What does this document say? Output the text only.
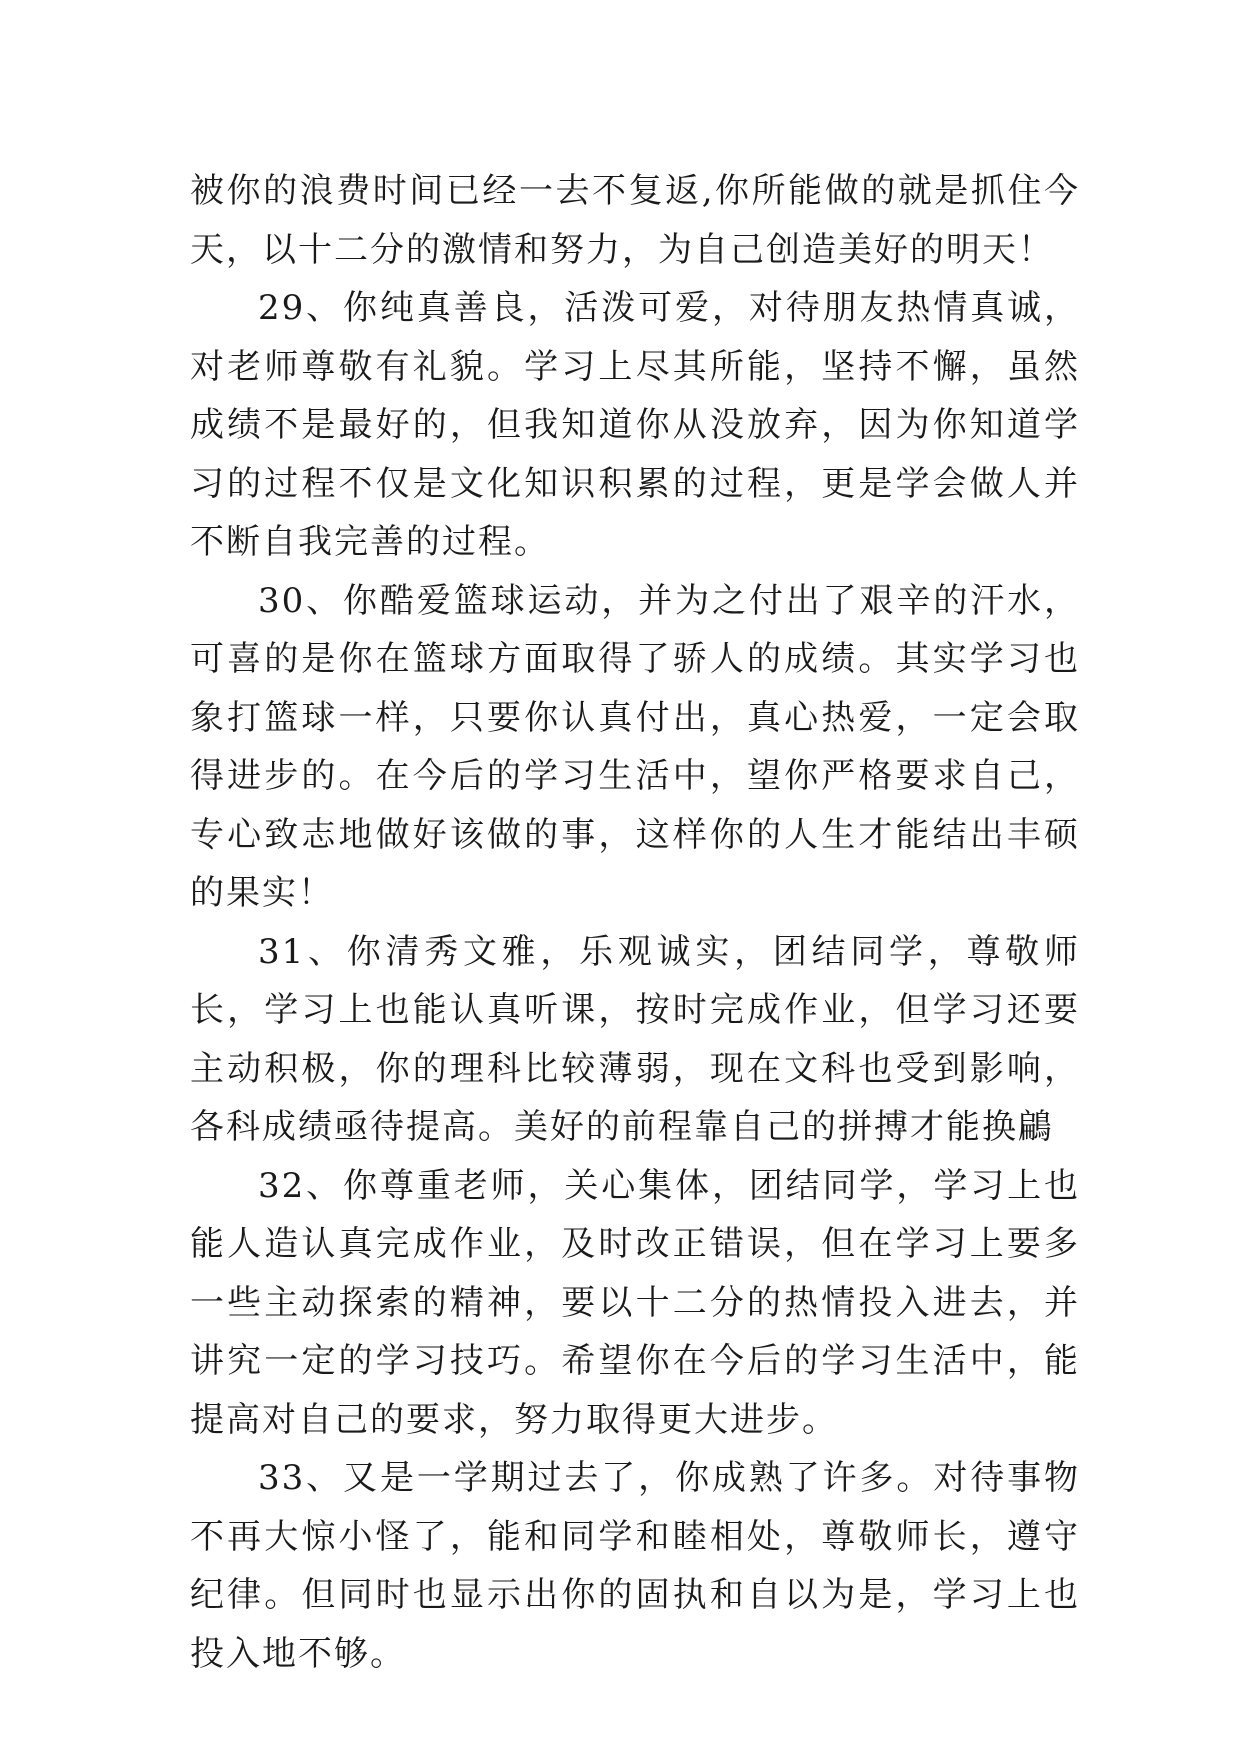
被你的浪费时间已经一去不复返,你所能做的就是抓住今天，以十二分的激情和努力，为自己创造美好的明天！

29、你纯真善良，活泼可爱，对待朋友热情真诚，对老师尊敬有礼貌。学习上尽其所能，坚持不懈，虽然成绩不是最好的，但我知道你从没放弃，因为你知道学习的过程不仅是文化知识积累的过程，更是学会做人并不断自我完善的过程。

30、你酷爱篮球运动，并为之付出了艰辛的汗水，可喜的是你在篮球方面取得了骄人的成绩。其实学习也象打篮球一样，只要你认真付出，真心热爱，一定会取得进步的。在今后的学习生活中，望你严格要求自己，专心致志地做好该做的事，这样你的人生才能结出丰硕的果实！

31、你清秀文雅，乐观诚实，团结同学，尊敬师长，学习上也能认真听课，按时完成作业，但学习还要主动积极，你的理科比较薄弱，现在文科也受到影响，各科成绩亟待提高。美好的前程靠自己的拼搏才能换鶣

32、你尊重老师，关心集体，团结同学，学习上也能人造认真完成作业，及时改正错误，但在学习上要多一些主动探索的精神，要以十二分的热情投入进去，并讲究一定的学习技巧。希望你在今后的学习生活中，能提高对自己的要求，努力取得更大进步。

33、又是一学期过去了，你成熟了许多。对待事物不再大惊小怪了，能和同学和睦相处，尊敬师长，遵守纪律。但同时也显示出你的固执和自以为是，学习上也投入地不够。
